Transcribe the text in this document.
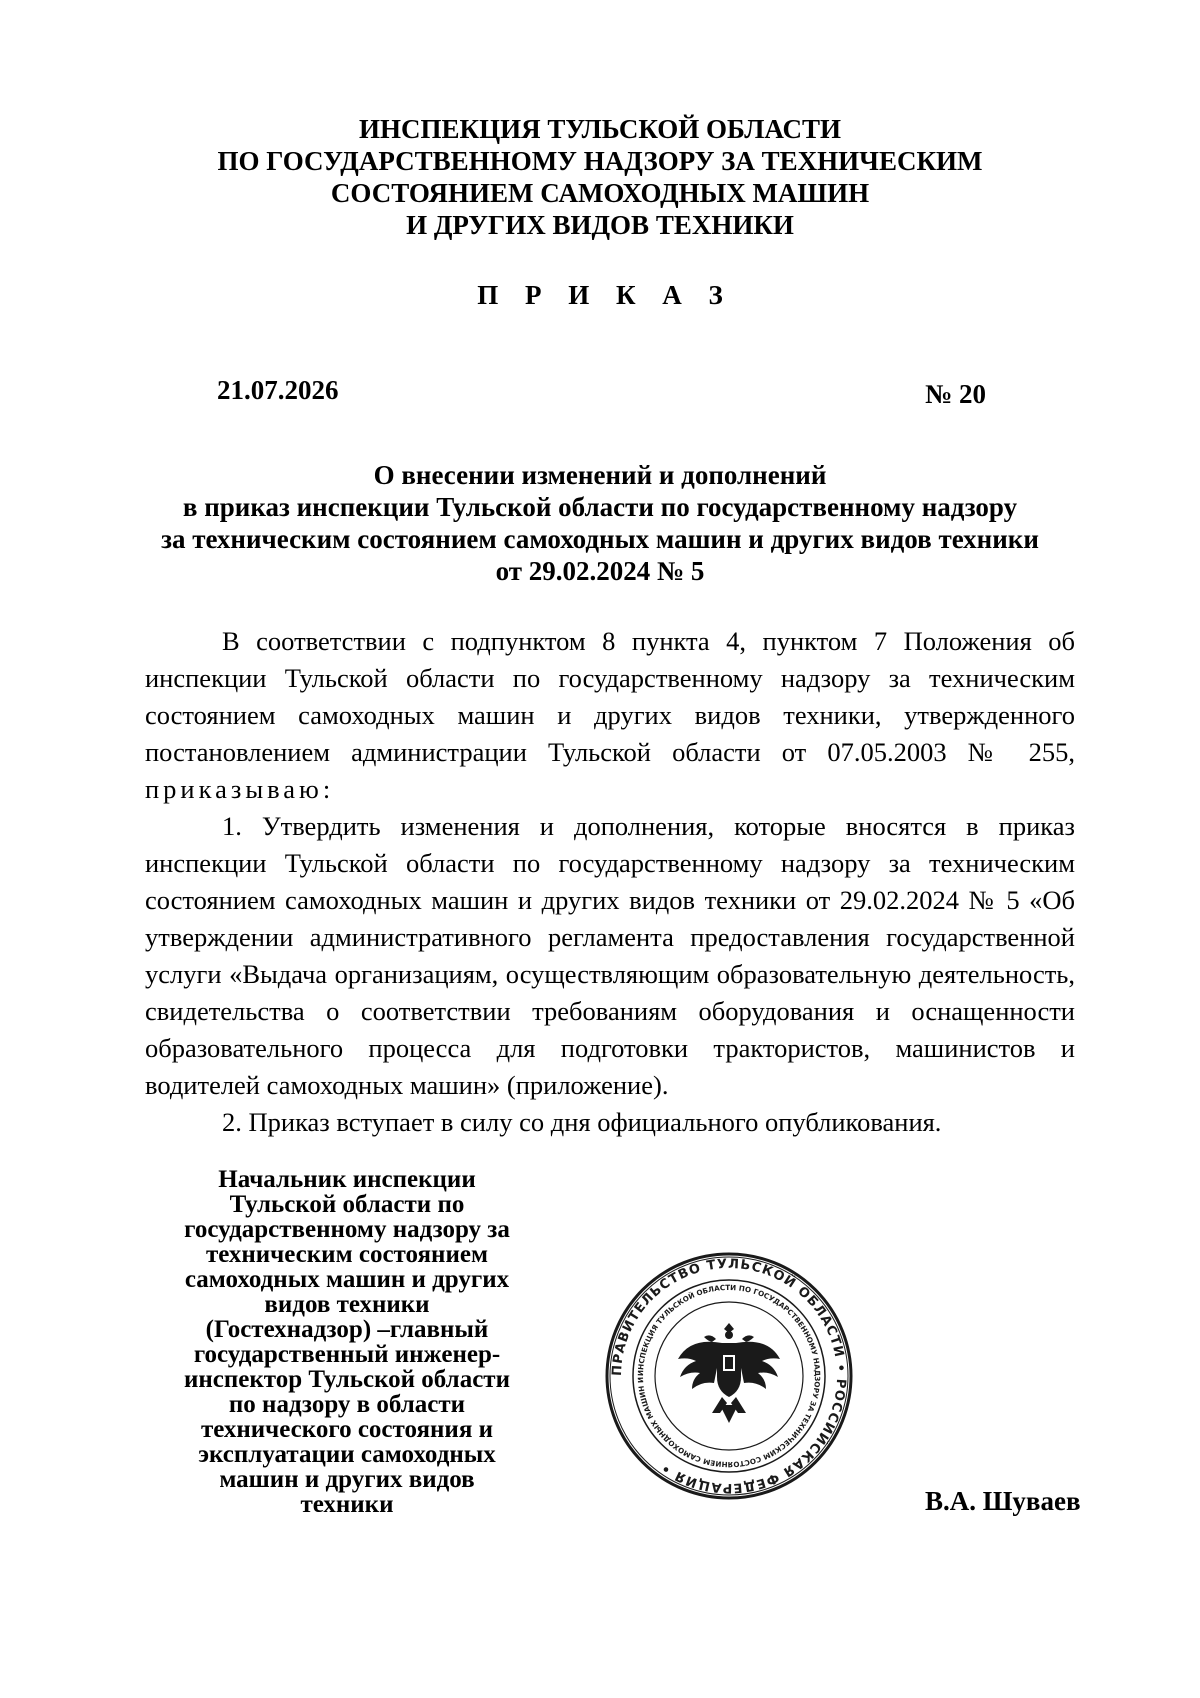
ИНСПЕКЦИЯ ТУЛЬСКОЙ ОБЛАСТИ
ПО ГОСУДАРСТВЕННОМУ НАДЗОРУ ЗА ТЕХНИЧЕСКИМ
СОСТОЯНИЕМ САМОХОДНЫХ МАШИН
И ДРУГИХ ВИДОВ ТЕХНИКИ
П Р И К А З
21.07.2026	№ 20
О внесении изменений и дополнений
в приказ инспекции Тульской области по государственному надзору
за техническим состоянием самоходных машин и других видов техники
от 29.02.2024 № 5

В соответствии с подпунктом 8 пункта 4, пунктом 7 Положения об инспекции Тульской области по государственному надзору за техническим состоянием самоходных машин и других видов техники, утвержденного постановлением администрации Тульской области от 07.05.2003 № 255, приказываю:

1. Утвердить изменения и дополнения, которые вносятся в приказ инспекции Тульской области по государственному надзору за техническим состоянием самоходных машин и других видов техники от 29.02.2024 № 5 «Об утверждении административного регламента предоставления государственной услуги «Выдача организациям, осуществляющим образовательную деятельность, свидетельства о соответствии требованиям оборудования и оснащенности образовательного процесса для подготовки трактористов, машинистов и водителей самоходных машин» (приложение).

2. Приказ вступает в силу со дня официального опубликования.

Начальник инспекции
Тульской области по
государственному надзору за
техническим состоянием
самоходных машин и других
видов техники
(Гостехнадзор) –главный
государственный инженер-
инспектор Тульской области
по надзору в области
технического состояния и
эксплуатации самоходных
машин и других видов
техники
ПРАВИТЕЛЬСТВО ТУЛЬСКОЙ ОБЛАСТИ • РОССИЙСКАЯ ФЕДЕРАЦИЯ •
ИНСПЕКЦИЯ ТУЛЬСКОЙ ОБЛАСТИ ПО ГОСУДАРСТВЕННОМУ НАДЗОРУ ЗА ТЕХНИЧЕСКИМ СОСТОЯНИЕМ САМОХОДНЫХ МАШИН И
В.А. Шуваев
